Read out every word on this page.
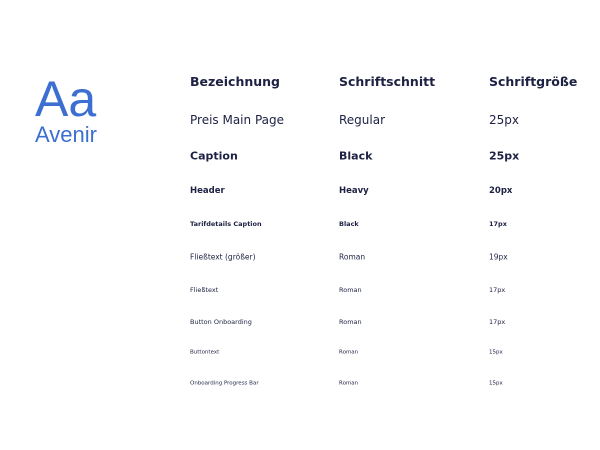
Aa
Avenir
Bezeichnung	Schriftschnitt	Schriftgröße
Preis Main Page	Regular	25px
Caption	Black	25px
Header	Heavy	20px
Tarifdetails Caption	Black	17px
Fließtext (größer)	Roman	19px
Fließtext	Roman	17px
Button Onboarding	Roman	17px
Buttontext	Roman	15px
Onboarding Progress Bar	Roman	15px
